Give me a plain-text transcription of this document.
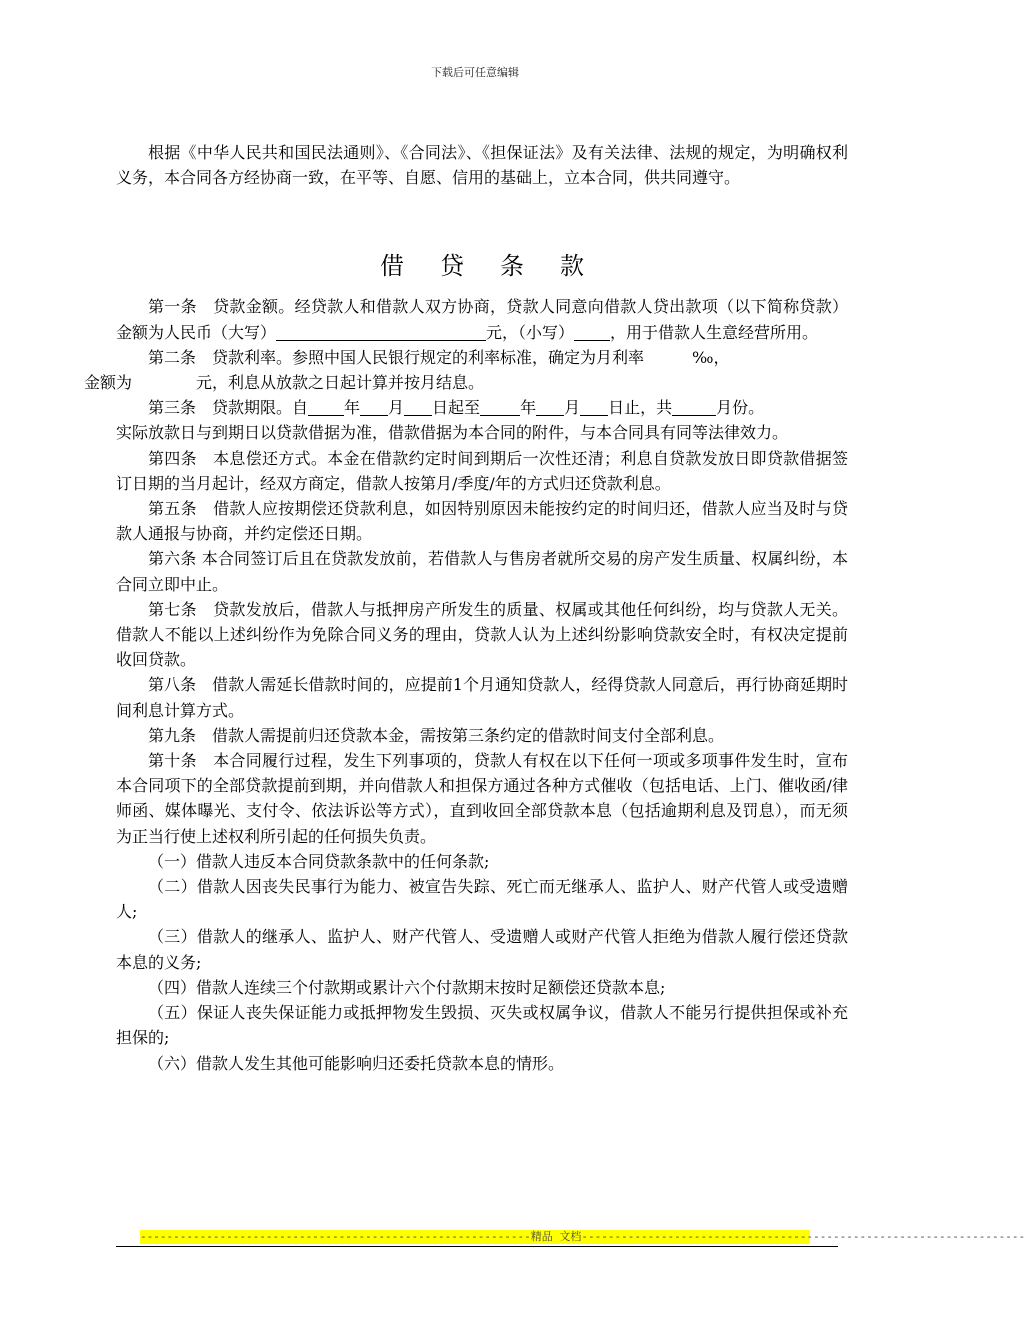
下载后可任意编辑

根据《中华人民共和国民法通则》、《合同法》、《担保证法》及有关法律、法规的规定，为明确权利义务，本合同各方经协商一致，在平等、自愿、信用的基础上，立本合同，供共同遵守。

借贷条款

第一条　贷款金额。经贷款人和借款人双方协商，贷款人同意向借款人贷出款项（以下简称贷款）金额为人民币（大写）	元，（小写） ，用于借款人生意经营所用。

第二条　贷款利率。参照中国人民银行规定的利率标准，确定为月利率	‰，
金额为	元，利息从放款之日起计算并按月结息。

第三条　贷款期限。自 年 月 日起至	年 月 日止，共	月份。

实际放款日与到期日以贷款借据为准，借款借据为本合同的附件，与本合同具有同等法律效力。

第四条　本息偿还方式。本金在借款约定时间到期后一次性还清；利息自贷款发放日即贷款借据签订日期的当月起计，经双方商定，借款人按第月/季度/年的方式归还贷款利息。

第五条　借款人应按期偿还贷款利息，如因特别原因未能按约定的时间归还，借款人应当及时与贷款人通报与协商，并约定偿还日期。

第六条 本合同签订后且在贷款发放前，若借款人与售房者就所交易的房产发生质量、权属纠纷，本合同立即中止。

第七条　贷款发放后，借款人与抵押房产所发生的质量、权属或其他任何纠纷，均与贷款人无关。借款人不能以上述纠纷作为免除合同义务的理由，贷款人认为上述纠纷影响贷款安全时，有权决定提前收回贷款。

第八条　借款人需延长借款时间的，应提前1个月通知贷款人，经得贷款人同意后，再行协商延期时间利息计算方式。

第九条　借款人需提前归还贷款本金，需按第三条约定的借款时间支付全部利息。

第十条　本合同履行过程，发生下列事项的，贷款人有权在以下任何一项或多项事件发生时，宣布本合同项下的全部贷款提前到期，并向借款人和担保方通过各种方式催收（包括电话、上门、催收函/律师函、媒体曝光、支付令、依法诉讼等方式），直到收回全部贷款本息（包括逾期利息及罚息），而无须为正当行使上述权利所引起的任何损失负责。

（一）借款人违反本合同贷款条款中的任何条款;

（二）借款人因丧失民事行为能力、被宣告失踪、死亡而无继承人、监护人、财产代管人或受遗赠人;

（三）借款人的继承人、监护人、财产代管人、受遗赠人或财产代管人拒绝为借款人履行偿还贷款本息的义务;

（四）借款人连续三个付款期或累计六个付款期末按时足额偿还贷款本息;

（五）保证人丧失保证能力或抵押物发生毁损、灭失或权属争议，借款人不能另行提供担保或补充担保的;

（六）借款人发生其他可能影响归还委托贷款本息的情形。

-----------------------------------------------------------精品 文档-------------------------------------------------------------------
